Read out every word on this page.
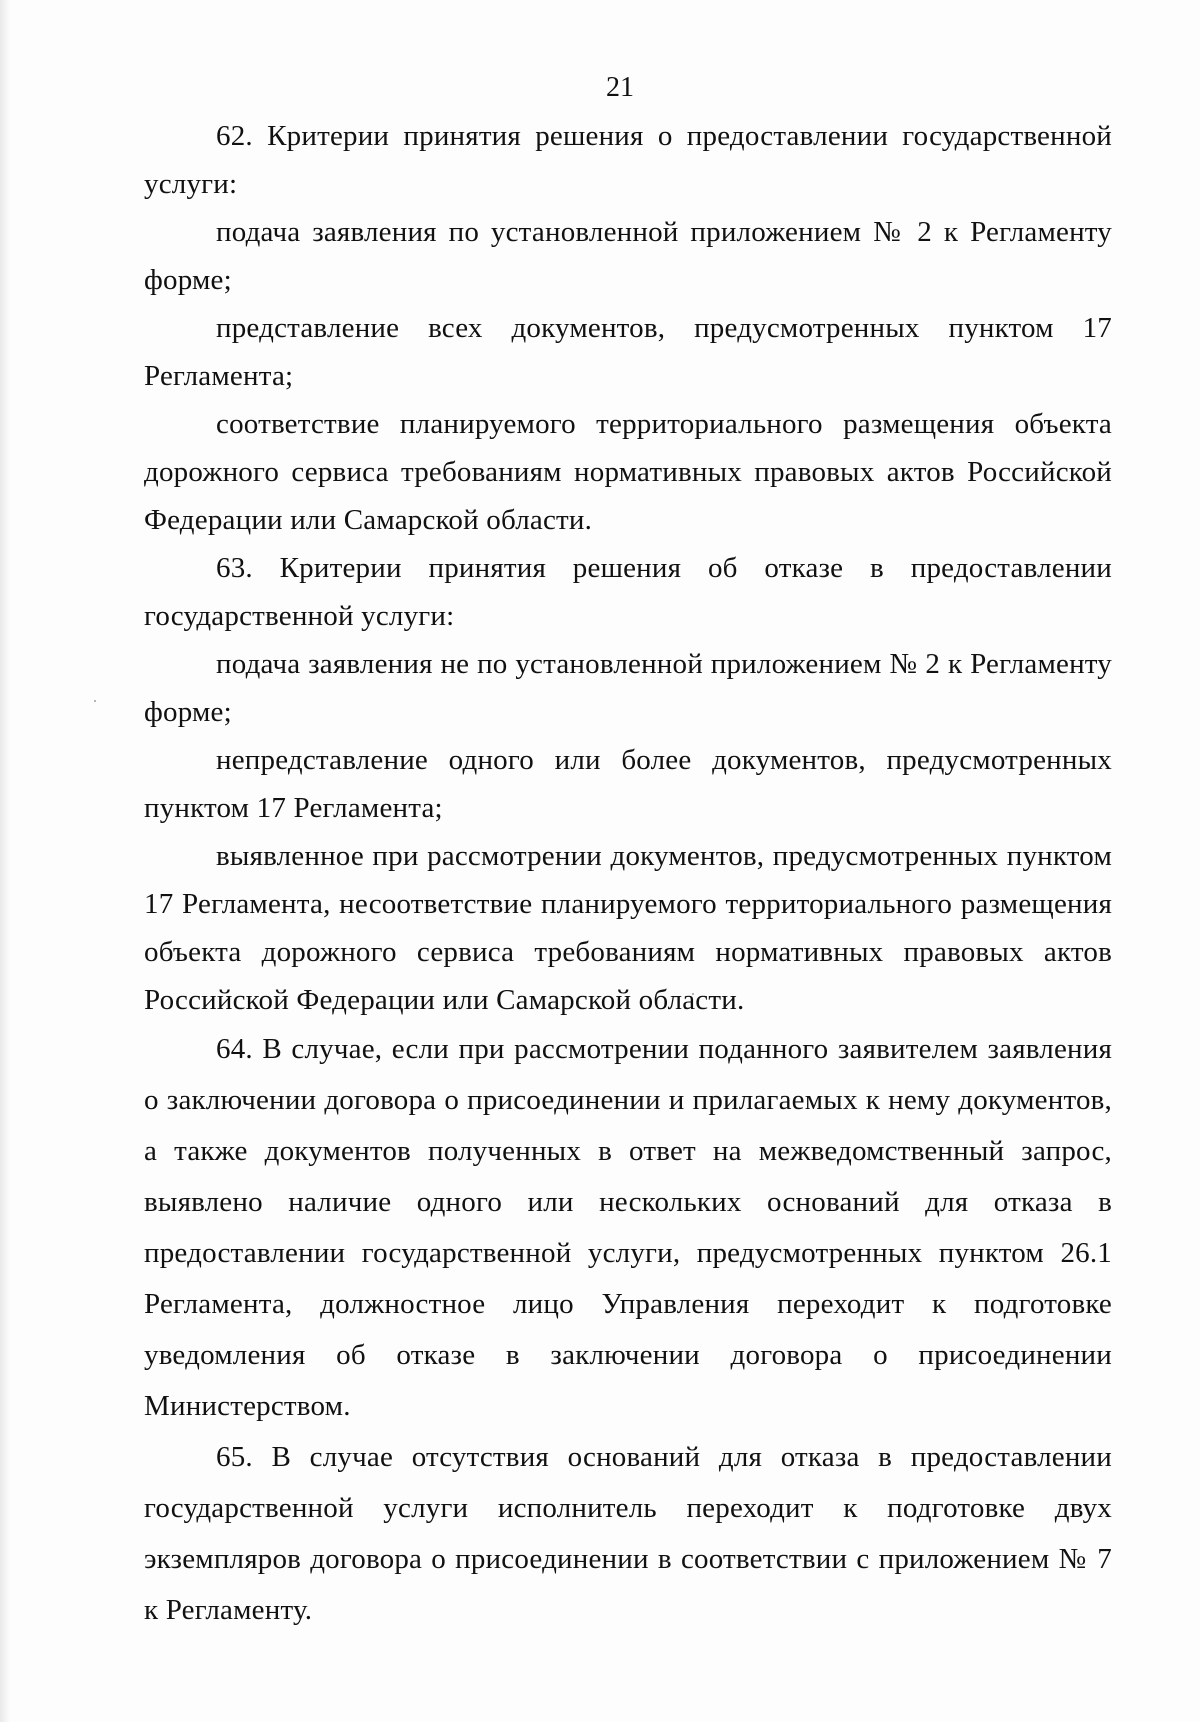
21

62. Критерии принятия решения о предоставлении государственной услуги:

подача заявления по установленной приложением № 2 к Регламенту форме;

представление всех документов, предусмотренных пунктом 17 Регламента;

соответствие планируемого территориального размещения объекта дорожного сервиса требованиям нормативных правовых актов Российской Федерации или Самарской области.

63. Критерии принятия решения об отказе в предоставлении государственной услуги:

подача заявления не по установленной приложением № 2 к Регламенту форме;

непредставление одного или более документов, предусмотренных пунктом 17 Регламента;

выявленное при рассмотрении документов, предусмотренных пунктом 17 Регламента, несоответствие планируемого территориального размещения объекта дорожного сервиса требованиям нормативных правовых актов Российской Федерации или Самарской области.

64. В случае, если при рассмотрении поданного заявителем заявления о заключении договора о присоединении и прилагаемых к нему документов, а также документов полученных в ответ на межведомственный запрос, выявлено наличие одного или нескольких оснований для отказа в предоставлении государственной услуги, предусмотренных пунктом 26.1 Регламента, должностное лицо Управления переходит к подготовке уведомления об отказе в заключении договора о присоединении Министерством.

65. В случае отсутствия оснований для отказа в предоставлении государственной услуги исполнитель переходит к подготовке двух экземпляров договора о присоединении в соответствии с приложением № 7 к Регламенту.
